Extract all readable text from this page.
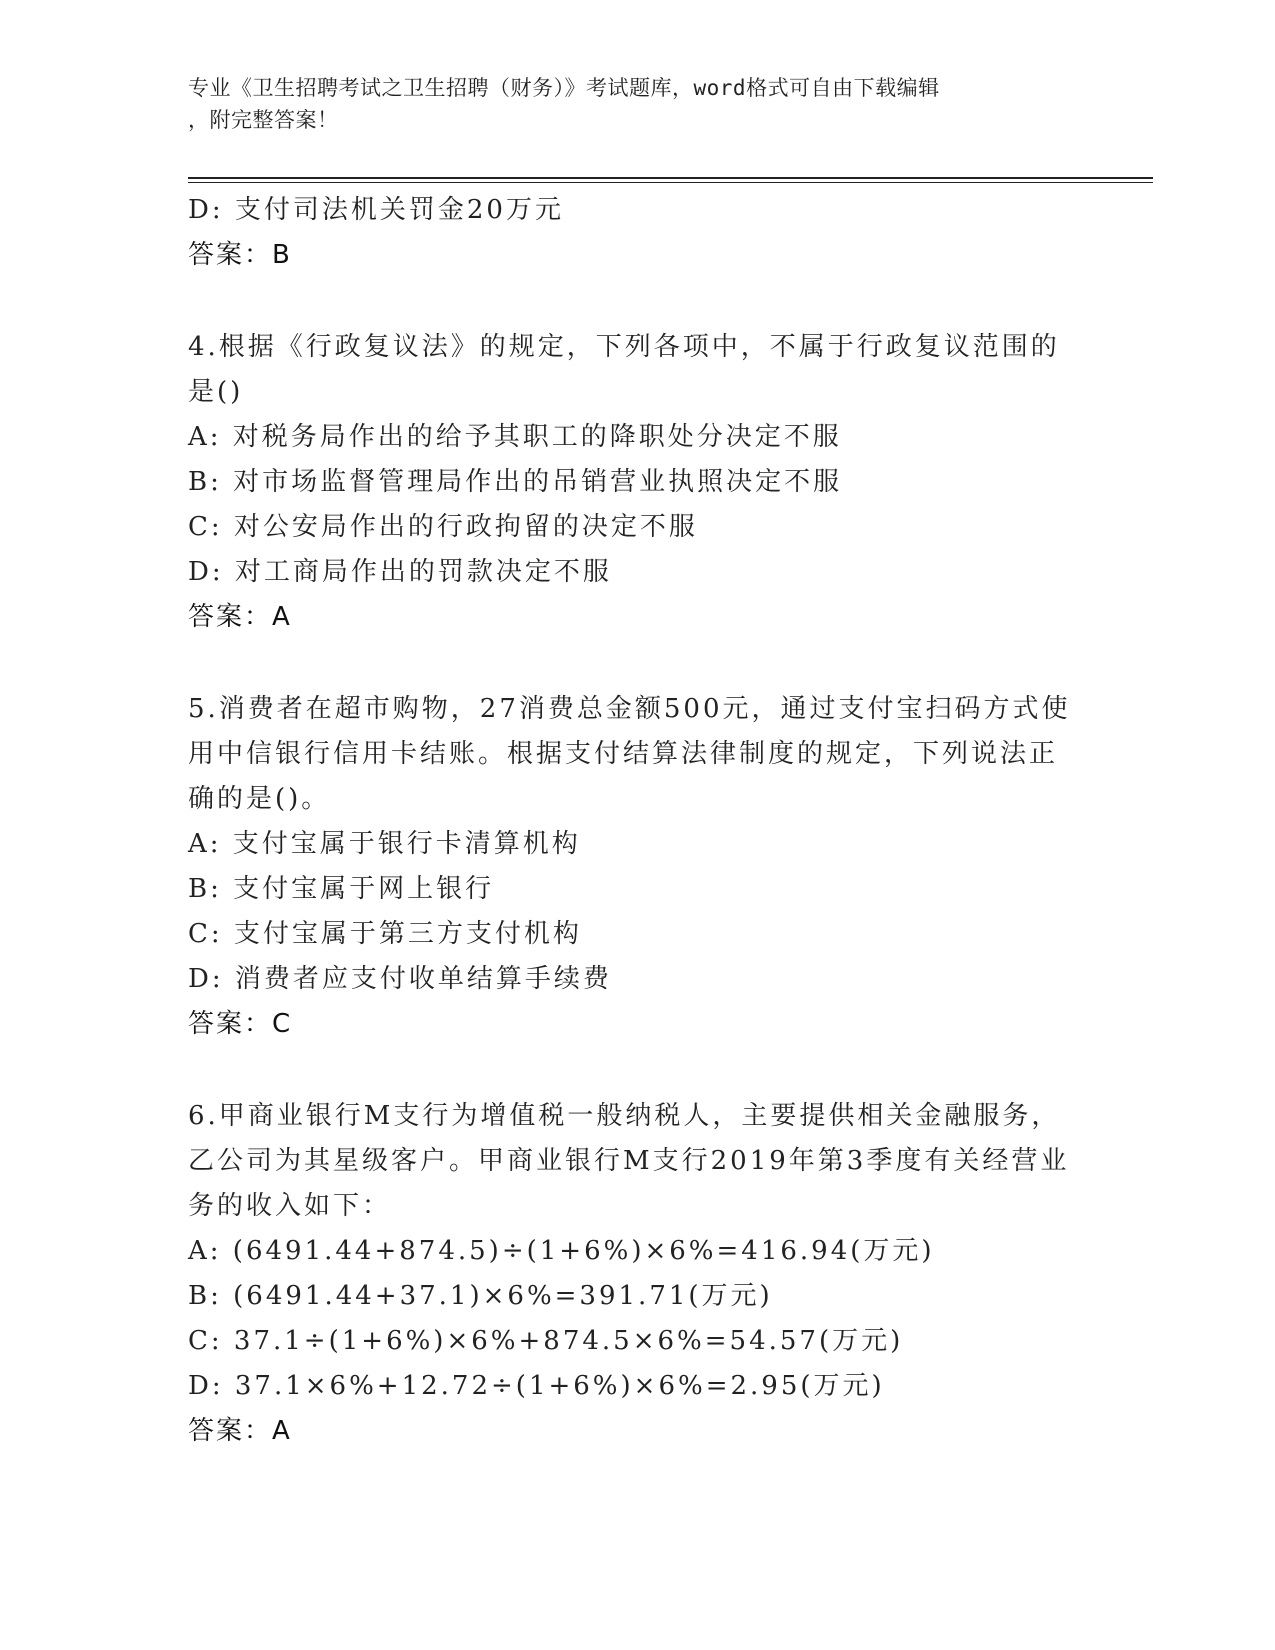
专业《卫生招聘考试之卫生招聘（财务）》考试题库，word格式可自由下载编辑
，附完整答案！
D: 支付司法机关罚金20万元
答案：B
4.根据《行政复议法》的规定，下列各项中，不属于行政复议范围的
是()
A: 对税务局作出的给予其职工的降职处分决定不服
B: 对市场监督管理局作出的吊销营业执照决定不服
C: 对公安局作出的行政拘留的决定不服
D: 对工商局作出的罚款决定不服
答案：A
5.消费者在超市购物，27消费总金额500元，通过支付宝扫码方式使
用中信银行信用卡结账。根据支付结算法律制度的规定，下列说法正
确的是()。
A: 支付宝属于银行卡清算机构
B: 支付宝属于网上银行
C: 支付宝属于第三方支付机构
D: 消费者应支付收单结算手续费
答案：C
6.甲商业银行M支行为增值税一般纳税人，主要提供相关金融服务，
乙公司为其星级客户。甲商业银行M支行2019年第3季度有关经营业
务的收入如下：
A: (6491.44+874.5)÷(1+6%)×6%=416.94(万元)
B: (6491.44+37.1)×6%=391.71(万元)
C: 37.1÷(1+6%)×6%+874.5×6%=54.57(万元)
D: 37.1×6%+12.72÷(1+6%)×6%=2.95(万元)
答案：A
